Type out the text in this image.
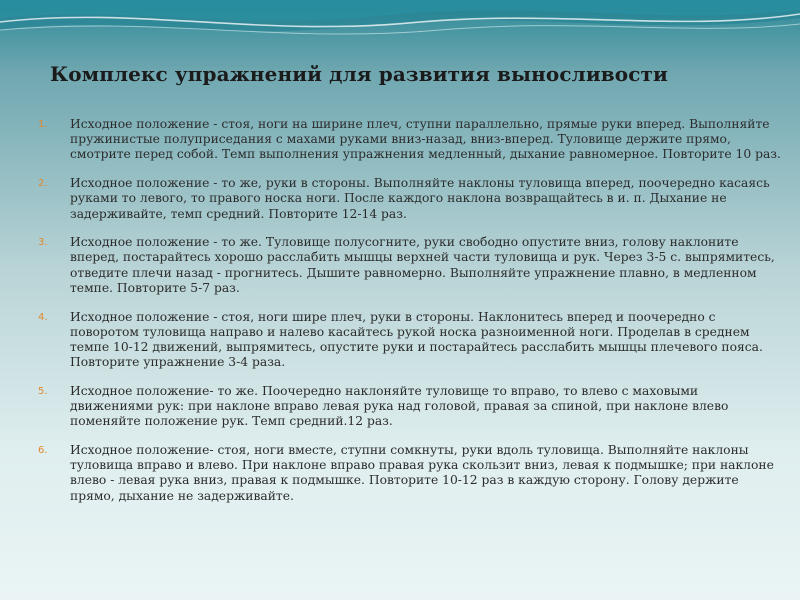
Комплекс упражнений для развития выносливости
1.	Исходное положение - стоя, ноги на ширине плеч, ступни параллельно, прямые руки вперед. Выполняйте пружинистые полуприседания с махами руками вниз-назад, вниз-вперед. Туловище держите прямо, смотрите перед собой. Темп выполнения упражнения медленный, дыхание равномерное. Повторите 10 раз.
2.	Исходное положение - то же, руки в стороны. Выполняйте наклоны туловища вперед, поочередно касаясь руками то левого, то правого носка ноги. После каждого наклона возвращайтесь в и. п. Дыхание не задерживайте, темп средний. Повторите 12-14 раз.
3.	Исходное положение - то же. Туловище полусогните, руки свободно опустите вниз, голову наклоните вперед, постарайтесь хорошо расслабить мышцы верхней части туловища и рук. Через 3-5 с. выпрямитесь, отведите плечи назад - прогнитесь. Дышите равномерно. Выполняйте упражнение плавно, в медленном темпе. Повторите 5-7 раз.
4.	Исходное положение - стоя, ноги шире плеч, руки в стороны. Наклонитесь вперед и поочередно с поворотом туловища направо и налево касайтесь рукой носка разноименной ноги. Проделав в среднем темпе 10-12 движений, выпрямитесь, опустите руки и постарайтесь расслабить мышцы плечевого пояса. Повторите упражнение 3-4 раза.
5.	Исходное положение- то же. Поочередно наклоняйте туловище то вправо, то влево с маховыми движениями рук: при наклоне вправо левая рука над головой, правая за спиной, при наклоне влево поменяйте положение рук. Темп средний.12 раз.
6.	Исходное положение- стоя, ноги вместе, ступни сомкнуты, руки вдоль туловища. Выполняйте наклоны туловища вправо и влево. При наклоне вправо правая рука скользит вниз, левая к подмышке; при наклоне влево - левая рука вниз, правая к подмышке. Повторите 10-12 раз в каждую сторону. Голову держите прямо, дыхание не задерживайте.
